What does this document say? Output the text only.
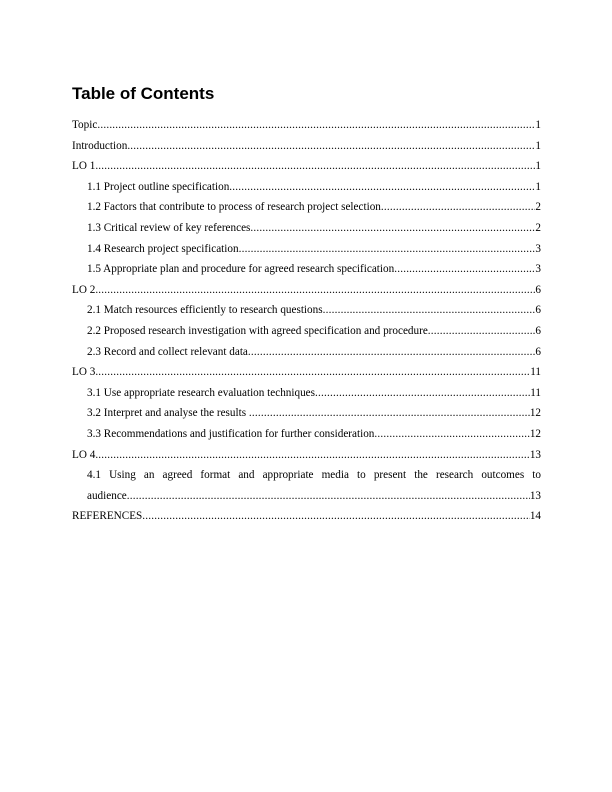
Table of Contents
Topic .....	1
Introduction .....	1
LO 1 .....	1
1.1 Project outline specification .....	1
1.2 Factors that contribute to process of research project selection .....	2
1.3 Critical review of key references .....	2
1.4 Research project specification .....	3
1.5 Appropriate plan and procedure for agreed research specification .....	3
LO 2 .....	6
2.1 Match resources efficiently to research questions .....	6
2.2 Proposed research investigation with agreed specification and procedure .....	6
2.3 Record and collect relevant data .....	6
LO 3 .....	11
3.1 Use appropriate research evaluation techniques .....	11
3.2 Interpret and analyse the results .....	12
3.3 Recommendations and justification for further consideration .....	12
LO 4 .....	13
4.1 Using an agreed format and appropriate media to present the research outcomes to
audience .....	13
REFERENCES .....	14
